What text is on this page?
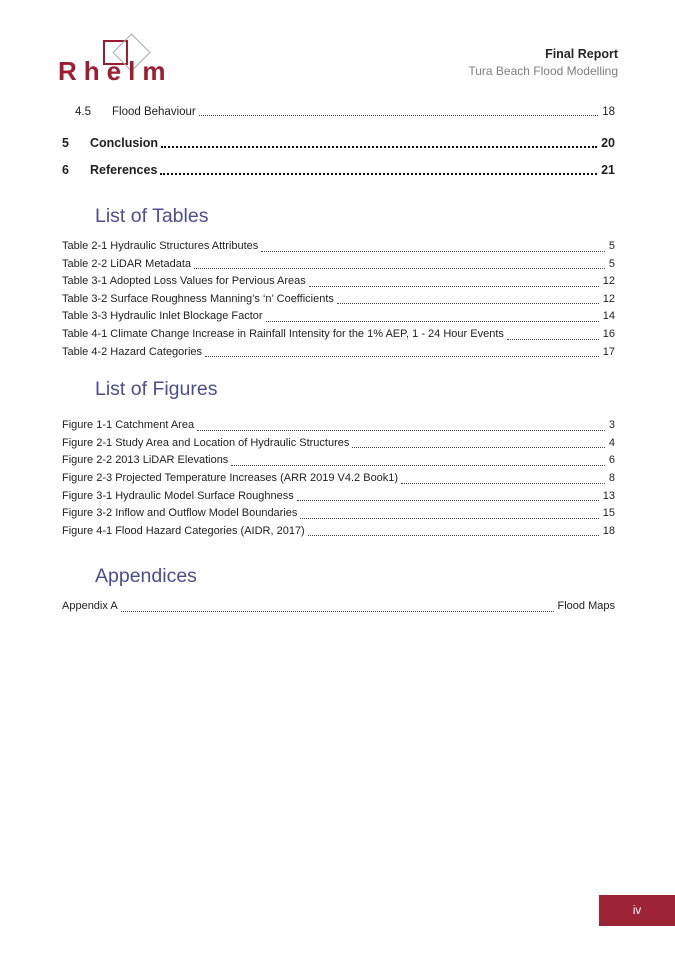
Rhelm
Final Report
Tura Beach Flood Modelling
4.5	Flood Behaviour	18
5	Conclusion	20
6	References	21
List of Tables
Table 2-1 Hydraulic Structures Attributes	5
Table 2-2 LiDAR Metadata	5
Table 3-1 Adopted Loss Values for Pervious Areas	12
Table 3-2 Surface Roughness Manning’s ‘n’ Coefficients	12
Table 3-3 Hydraulic Inlet Blockage Factor	14
Table 4-1 Climate Change Increase in Rainfall Intensity for the 1% AEP, 1 - 24 Hour Events	16
Table 4-2 Hazard Categories	17
List of Figures
Figure 1-1 Catchment Area	3
Figure 2-1 Study Area and Location of Hydraulic Structures	4
Figure 2-2 2013 LiDAR Elevations	6
Figure 2-3 Projected Temperature Increases (ARR 2019 V4.2 Book1)	8
Figure 3-1 Hydraulic Model Surface Roughness	13
Figure 3-2 Inflow and Outflow Model Boundaries	15
Figure 4-1 Flood Hazard Categories (AIDR, 2017)	18
Appendices
Appendix A	Flood Maps
iv
